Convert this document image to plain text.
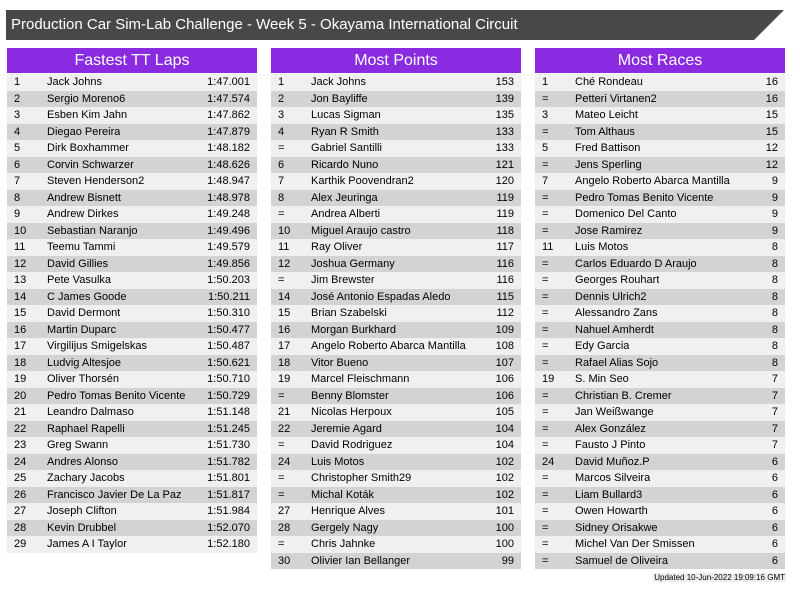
Production Car Sim-Lab Challenge - Week 5 - Okayama International Circuit
Fastest TT Laps
1 Jack Johns	1:47.001
2 Sergio Moreno6	1:47.574
3 Esben Kim Jahn	1:47.862
4 Diegao Pereira	1:47.879
5 Dirk Boxhammer	1:48.182
6 Corvin Schwarzer	1:48.626
7 Steven Henderson2	1:48.947
8 Andrew Bisnett	1:48.978
9 Andrew Dirkes	1:49.248
10 Sebastian Naranjo	1:49.496
11 Teemu Tammi	1:49.579
12 David Gillies	1:49.856
13 Pete Vasulka	1:50.203
14 C James Goode	1:50.211
15 David Dermont	1:50.310
16 Martin Duparc	1:50.477
17 Virgilijus Smigelskas	1:50.487
18 Ludvig Altesjoe	1:50.621
19 Oliver Thorsén	1:50.710
20 Pedro Tomas Benito Vicente 1:50.729
21 Leandro Dalmaso	1:51.148
22 Raphael Rapelli	1:51.245
23 Greg Swann	1:51.730
24 Andres Alonso	1:51.782
25 Zachary Jacobs	1:51.801
26 Francisco Javier De La Paz 1:51.817
27 Joseph Clifton	1:51.984
28 Kevin Drubbel	1:52.070
29 James A I Taylor	1:52.180
Most Points
1 Jack Johns	153
2 Jon Bayliffe	139
3 Lucas Sigman	135
4 Ryan R Smith	133
= Gabriel Santilli	133
6 Ricardo Nuno	121
7 Karthik Poovendran2	120
8 Alex Jeuringa	119
= Andrea Alberti	119
10 Miguel Araujo castro	118
11 Ray Oliver	117
12 Joshua Germany	116
= Jim Brewster	116
14 José Antonio Espadas Aledo	115
15 Brian Szabelski	112
16 Morgan Burkhard	109
17 Angelo Roberto Abarca Mantilla	108
18 Vitor Bueno	107
19 Marcel Fleischmann	106
= Benny Blomster	106
21 Nicolas Herpoux	105
22 Jeremie Agard	104
= David Rodriguez	104
24 Luis Motos	102
= Christopher Smith29	102
= Michal Koták	102
27 Henrique Alves	101
28 Gergely Nagy	100
= Chris Jahnke	100
30 Olivier Ian Bellanger	99
Most Races
1 Ché Rondeau	16
= Petteri Virtanen2	16
3 Mateo Leicht	15
= Tom Althaus	15
5 Fred Battison	12
= Jens Sperling	12
7 Angelo Roberto Abarca Mantilla	9
= Pedro Tomas Benito Vicente	9
= Domenico Del Canto	9
= Jose Ramirez	9
11 Luis Motos	8
= Carlos Eduardo D Araujo	8
= Georges Rouhart	8
= Dennis Ulrich2	8
= Alessandro Zans	8
= Nahuel Amherdt	8
= Edy Garcia	8
= Rafael Alias Sojo	8
19 S. Min Seo	7
= Christian B. Cremer	7
= Jan Weißwange	7
= Alex González	7
= Fausto J Pinto	7
24 David Muñoz.P	6
= Marcos Silveira	6
= Liam Bullard3	6
= Owen Howarth	6
= Sidney Orisakwe	6
= Michel Van Der Smissen	6
= Samuel de Oliveira	6
Updated 10-Jun-2022 19:09:16 GMT
